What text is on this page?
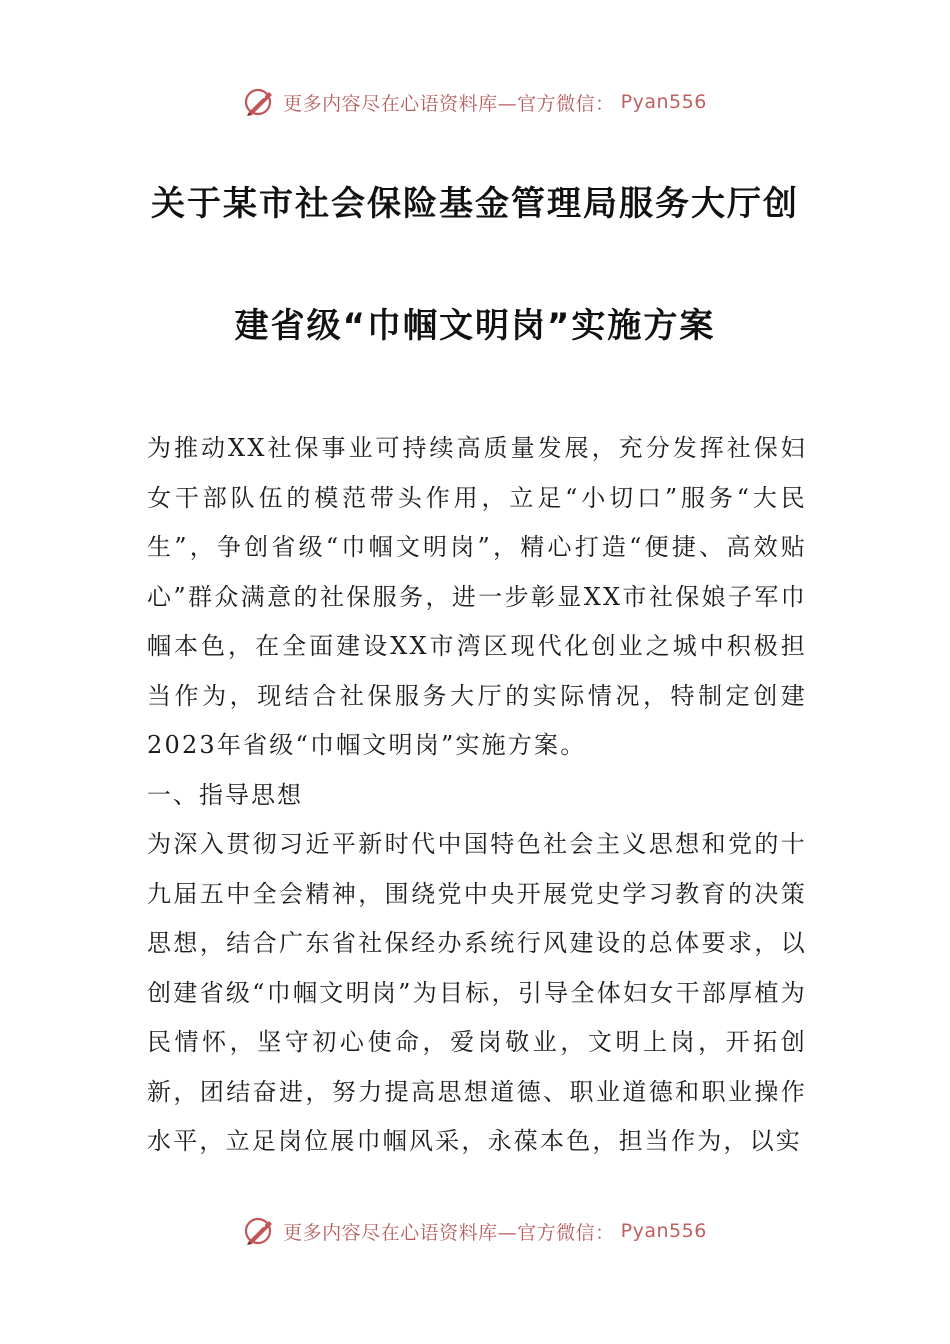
更多内容尽在心语资料库—官方微信： Pyan556
关于某市社会保险基金管理局服务大厅创
建省级“巾帼文明岗”实施方案

为推动XX社保事业可持续高质量发展，充分发挥社保妇女干部队伍的模范带头作用，立足“小切口”服务“大民生”，争创省级“巾帼文明岗”，精心打造“便捷、高效贴心”群众满意的社保服务，进一步彰显XX市社保娘子军巾帼本色，在全面建设XX市湾区现代化创业之城中积极担当作为，现结合社保服务大厅的实际情况，特制定创建2023年省级“巾帼文明岗”实施方案。

一、指导思想

为深入贯彻习近平新时代中国特色社会主义思想和党的十九届五中全会精神，围绕党中央开展党史学习教育的决策思想，结合广东省社保经办系统行风建设的总体要求，以创建省级“巾帼文明岗”为目标，引导全体妇女干部厚植为民情怀，坚守初心使命，爱岗敬业，文明上岗，开拓创新，团结奋进，努力提高思想道德、职业道德和职业操作水平，立足岗位展巾帼风采，永葆本色，担当作为，以实

更多内容尽在心语资料库—官方微信： Pyan556
